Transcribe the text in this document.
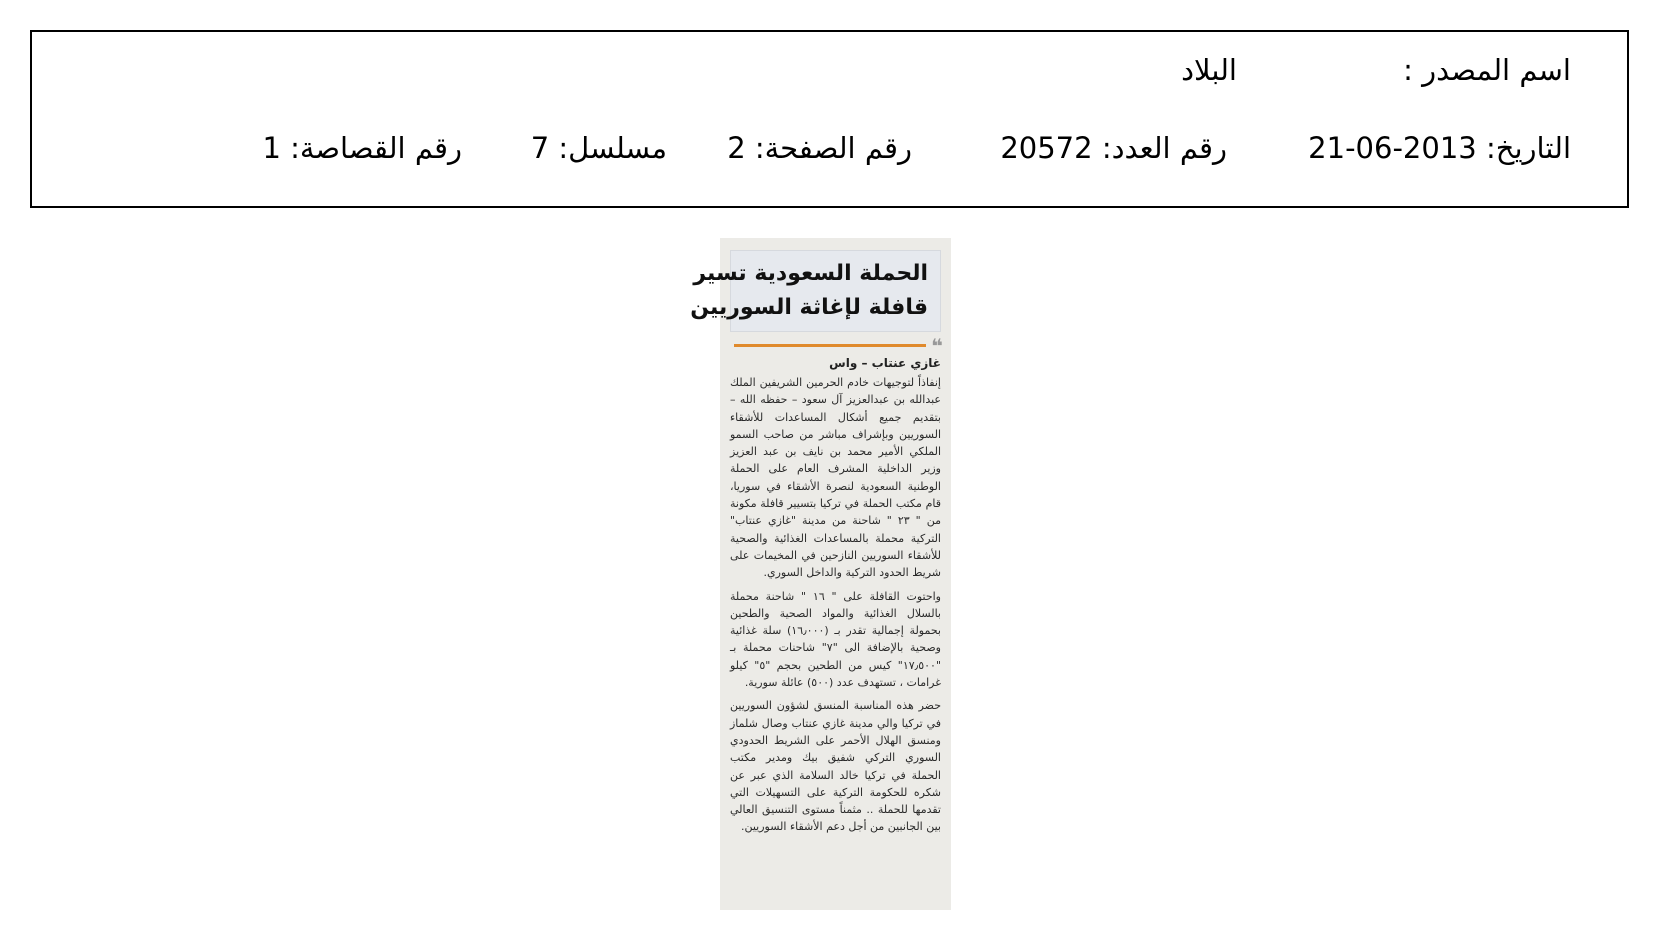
اسم المصدر :
البلاد
التاريخ: 2013-06-21
رقم العدد: 20572
رقم الصفحة: 2
مسلسل: 7
رقم القصاصة: 1
الحملة السعودية تسير
قافلة لإغاثة السوريين
❝
غازي عنتاب – واس

إنفاذاً لتوجيهات خادم الحرمين الشريفين الملك عبدالله بن عبدالعزيز آل سعود – حفظه الله – بتقديم جميع أشكال المساعدات للأشقاء السوريين وبإشراف مباشر من صاحب السمو الملكي الأمير محمد بن نايف بن عبد العزيز وزير الداخلية المشرف العام على الحملة الوطنية السعودية لنصرة الأشقاء في سوريا، قام مكتب الحملة في تركيا بتسيير قافلة مكونة من " ٢٣ " شاحنة من مدينة "غازي عنتاب" التركية محملة بالمساعدات الغذائية والصحية للأشقاء السوريين النازحين في المخيمات على شريط الحدود التركية والداخل السوري.

واحتوت القافلة على " ١٦ " شاحنة محملة بالسلال الغذائية والمواد الصحية والطحين بحمولة إجمالية تقدر بـ (١٦٫٠٠٠) سلة غذائية وصحية بالإضافة الى "٧" شاحنات محملة بـ "١٧٫٥٠٠" كيس من الطحين بحجم "٥" كيلو غرامات ، تستهدف عدد (٥٠٠) عائلة سورية.

حضر هذه المناسبة المنسق لشؤون السوريين في تركيا والي مدينة غازي عنتاب وصال شلماز ومنسق الهلال الأحمر على الشريط الحدودي السوري التركي شفيق بيك ومدير مكتب الحملة في تركيا خالد السلامة الذي عبر عن شكره للحكومة التركية على التسهيلات التي تقدمها للحملة .. مثمناً مستوى التنسيق العالي بين الجانبين من أجل دعم الأشقاء السوريين.
